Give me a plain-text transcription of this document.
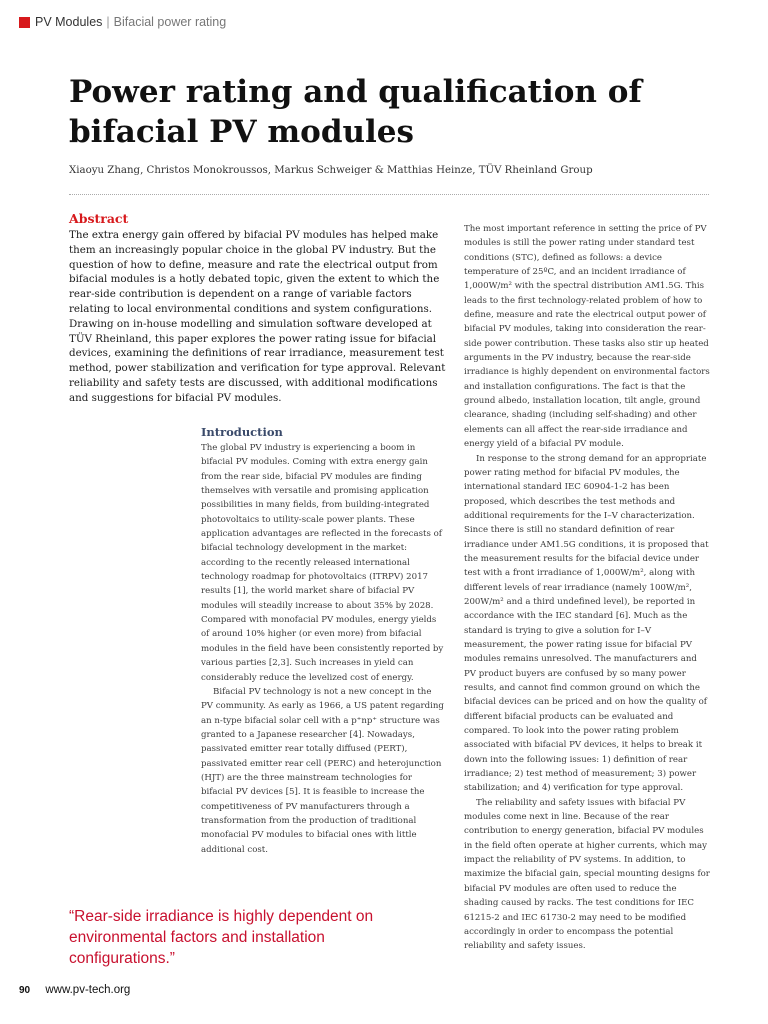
PV Modules | Bifacial power rating
Power rating and qualification of bifacial PV modules
Xiaoyu Zhang, Christos Monokroussos, Markus Schweiger & Matthias Heinze, TÜV Rheinland Group
Abstract

The extra energy gain offered by bifacial PV modules has helped make them an increasingly popular choice in the global PV industry. But the question of how to define, measure and rate the electrical output from bifacial modules is a hotly debated topic, given the extent to which the rear-side contribution is dependent on a range of variable factors relating to local environmental conditions and system configurations. Drawing on in-house modelling and simulation software developed at TÜV Rheinland, this paper explores the power rating issue for bifacial devices, examining the definitions of rear irradiance, measurement test method, power stabilization and verification for type approval. Relevant reliability and safety tests are discussed, with additional modifications and suggestions for bifacial PV modules.

Introduction

The global PV industry is experiencing a boom in bifacial PV modules. Coming with extra energy gain from the rear side, bifacial PV modules are finding themselves with versatile and promising application possibilities in many fields, from building-integrated photovoltaics to utility-scale power plants. These application advantages are reflected in the forecasts of bifacial technology development in the market: according to the recently released international technology roadmap for photovoltaics (ITRPV) 2017 results [1], the world market share of bifacial PV modules will steadily increase to about 35% by 2028. Compared with monofacial PV modules, energy yields of around 10% higher (or even more) from bifacial modules in the field have been consistently reported by various parties [2,3]. Such increases in yield can considerably reduce the levelized cost of energy.

Bifacial PV technology is not a new concept in the PV community. As early as 1966, a US patent regarding an n-type bifacial solar cell with a p⁺np⁺ structure was granted to a Japanese researcher [4]. Nowadays, passivated emitter rear totally diffused (PERT), passivated emitter rear cell (PERC) and heterojunction (HJT) are the three mainstream technologies for bifacial PV devices [5]. It is feasible to increase the competitiveness of PV manufacturers through a transformation from the production of traditional monofacial PV modules to bifacial ones with little additional cost.

The most important reference in setting the price of PV modules is still the power rating under standard test conditions (STC), defined as follows: a device temperature of 25ºC, and an incident irradiance of 1,000W/m² with the spectral distribution AM1.5G. This leads to the first technology-related problem of how to define, measure and rate the electrical output power of bifacial PV modules, taking into consideration the rear-side power contribution. These tasks also stir up heated arguments in the PV industry, because the rear-side irradiance is highly dependent on environmental factors and installation configurations. The fact is that the ground albedo, installation location, tilt angle, ground clearance, shading (including self-shading) and other elements can all affect the rear-side irradiance and energy yield of a bifacial PV module.

In response to the strong demand for an appropriate power rating method for bifacial PV modules, the international standard IEC 60904-1-2 has been proposed, which describes the test methods and additional requirements for the I–V characterization. Since there is still no standard definition of rear irradiance under AM1.5G conditions, it is proposed that the measurement results for the bifacial device under test with a front irradiance of 1,000W/m², along with different levels of rear irradiance (namely 100W/m², 200W/m² and a third undefined level), be reported in accordance with the IEC standard [6]. Much as the standard is trying to give a solution for I–V measurement, the power rating issue for bifacial PV modules remains unresolved. The manufacturers and PV product buyers are confused by so many power results, and cannot find common ground on which the bifacial devices can be priced and on how the quality of different bifacial products can be evaluated and compared. To look into the power rating problem associated with bifacial PV devices, it helps to break it down into the following issues: 1) definition of rear irradiance; 2) test method of measurement; 3) power stabilization; and 4) verification for type approval.

The reliability and safety issues with bifacial PV modules come next in line. Because of the rear contribution to energy generation, bifacial PV modules in the field often operate at higher currents, which may impact the reliability of PV systems. In addition, to maximize the bifacial gain, special mounting designs for bifacial PV modules are often used to reduce the shading caused by racks. The test conditions for IEC 61215-2 and IEC 61730-2 may need to be modified accordingly in order to encompass the potential reliability and safety issues.

“Rear-side irradiance is highly dependent on environmental factors and installation configurations.”

90 www.pv-tech.org
